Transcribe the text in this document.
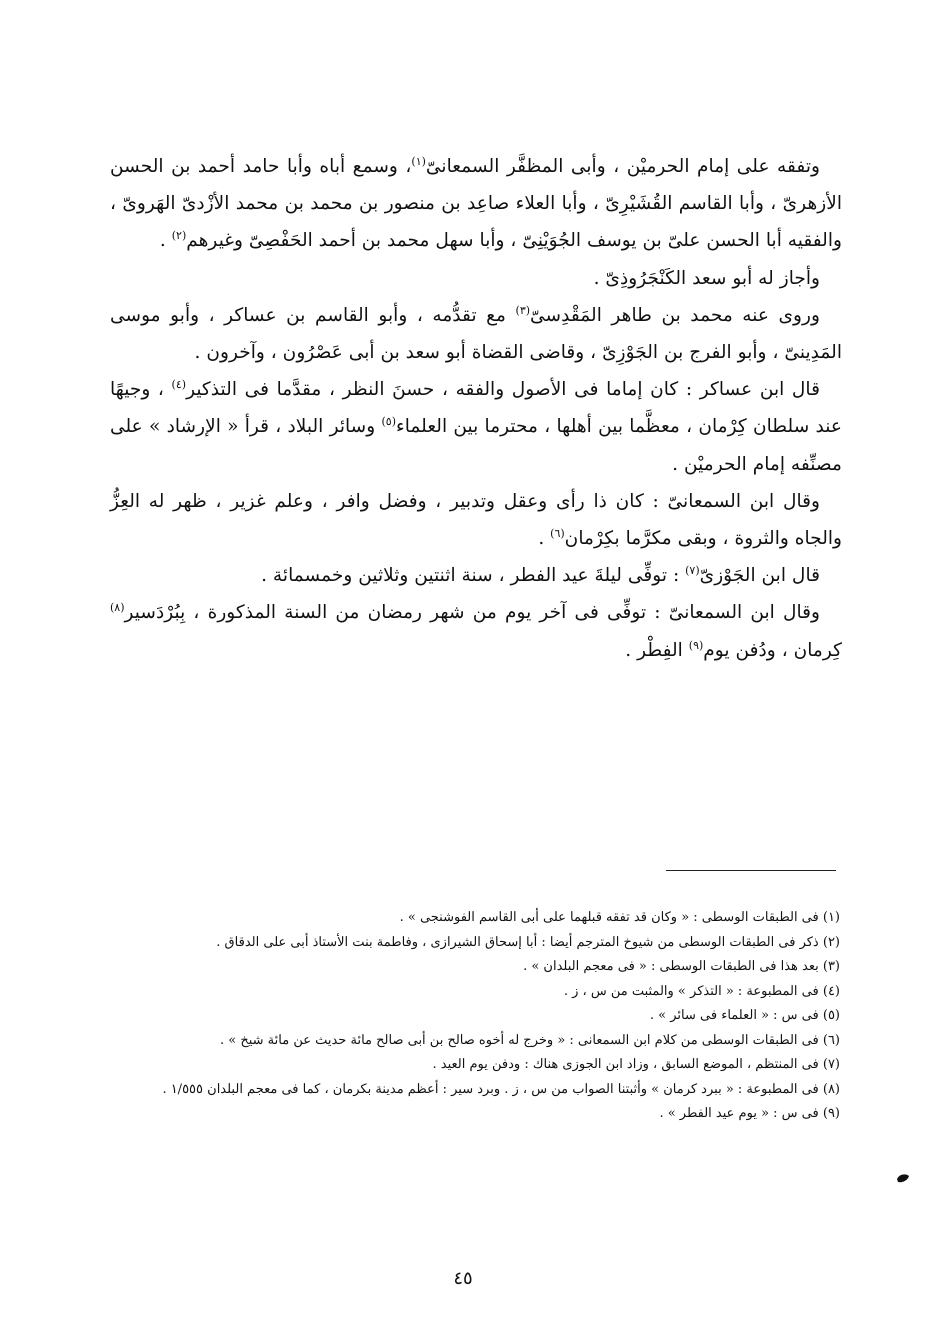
وتفقه على إمام الحرميْن ، وأبى المظفَّر السمعانىّ$^{(١)}$، وسمع أباه وأبا حامد أحمد بن الحسن الأزهرىّ ، وأبا القاسم القُشَيْرِىّ ، وأبا العلاء صاعِد بن منصور بن محمد بن محمد الأزْدىّ الهَروىّ ، والفقيه أبا الحسن علىّ بن يوسف الجُوَيْنِىّ ، وأبا سهل محمد بن أحمد الحَفْصِىّ وغيرهم$^{(٢)}$ .

وأجاز له أبو سعد الكَنْجَرُوذِىّ .

وروى عنه محمد بن طاهر المَقْدِسىّ$^{(٣)}$ مع تقدُّمه ، وأبو القاسم بن عساكر ، وأبو موسى المَدِينىّ ، وأبو الفرج بن الجَوْزِىّ ، وقاضى القضاة أبو سعد بن أبى عَصْرُون ، وآخرون .

قال ابن عساكر : كان إماما فى الأصول والفقه ، حسنَ النظر ، مقدَّما فى التذكير$^{(٤)}$ ، وجيهًا عند سلطان كِرْمان ، معظَّما بين أهلها ، محترما بين العلماء$^{(٥)}$ وسائر البلاد ، قرأ « الإرشاد » على مصنِّفه إمام الحرميْن .

وقال ابن السمعانىّ : كان ذا رأى وعقل وتدبير ، وفضل وافر ، وعلم غزير ، ظهر له العِزُّ والجاه والثروة ، وبقى مكرَّما بكِرْمان$^{(٦)}$ .

قال ابن الجَوْزىّ$^{(٧)}$ : توفِّى ليلةَ عيد الفطر ، سنة اثنتين وثلاثين وخمسمائة .

وقال ابن السمعانىّ : توفِّى فى آخر يوم من شهر رمضان من السنة المذكورة ، بِبُرْدَسير$^{(٨)}$ كِرمان ، ودُفن يوم$^{(٩)}$ الفِطْر .

(١) فى الطبقات الوسطى : « وكان قد تفقه قبلهما على أبى القاسم الفوشنجى » .
(٢) ذكر فى الطبقات الوسطى من شيوخ المترجم أيضا : أبا إسحاق الشيرازى ، وفاطمة بنت الأستاذ أبى على الدقاق .
(٣) بعد هذا فى الطبقات الوسطى : « فى معجم البلدان » .
(٤) فى المطبوعة : « التذكر » والمثبت من س ، ز .
(٥) فى س : « العلماء فى سائر » .
(٦) فى الطبقات الوسطى من كلام ابن السمعانى : « وخرج له أخوه صالح بن أبى صالح مائة حديث عن مائة شيخ » .
(٧) فى المنتظم ، الموضع السابق ، وزاد ابن الجوزى هناك : ودفن يوم العيد .
(٨) فى المطبوعة : « ببرد كرمان » وأثبتنا الصواب من س ، ز . وبرد سير : أعظم مدينة بكرمان ، كما فى معجم البلدان ١/٥٥٥ .
(٩) فى س : « يوم عيد الفطر » .
٤٥
